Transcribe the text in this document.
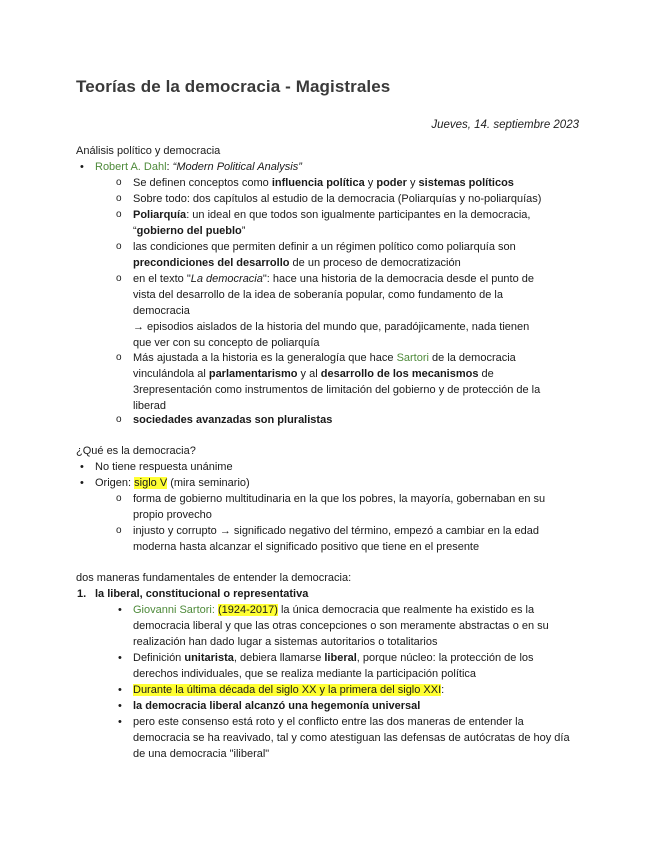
Teorías de la democracia - Magistrales
Jueves, 14. septiembre 2023
Análisis político y democracia
• Robert A. Dahl: “Modern Political Analysis”
o Se definen conceptos como influencia política y poder y sistemas políticos
o Sobre todo: dos capítulos al estudio de la democracia (Poliarquías y no-poliarquías)
o Poliarquía: un ideal en que todos son igualmente participantes en la democracia,
“gobierno del pueblo”
o las condiciones que permiten definir a un régimen político como poliarquía son
precondiciones del desarrollo de un proceso de democratización
o en el texto "La democracia": hace una historia de la democracia desde el punto de
vista del desarrollo de la idea de soberanía popular, como fundamento de la
democracia
→ episodios aislados de la historia del mundo que, paradójicamente, nada tienen
que ver con su concepto de poliarquía
o Más ajustada a la historia es la generalogía que hace Sartori de la democracia
vinculándola al parlamentarismo y al desarrollo de los mecanismos de
3representación como instrumentos de limitación del gobierno y de protección de la
liberad
o sociedades avanzadas son pluralistas
¿Qué es la democracia?
• No tiene respuesta unánime
• Origen: siglo V (mira seminario)
o forma de gobierno multitudinaria en la que los pobres, la mayoría, gobernaban en su
propio provecho
o injusto y corrupto → significado negativo del término, empezó a cambiar en la edad
moderna hasta alcanzar el significado positivo que tiene en el presente
dos maneras fundamentales de entender la democracia:
1. la liberal, constitucional o representativa
• Giovanni Sartori: (1924-2017) la única democracia que realmente ha existido es la
democracia liberal y que las otras concepciones o son meramente abstractas o en su
realización han dado lugar a sistemas autoritarios o totalitarios
• Definición unitarista, debiera llamarse liberal, porque núcleo: la protección de los
derechos individuales, que se realiza mediante la participación política
• Durante la última década del siglo XX y la primera del siglo XXI:
• la democracia liberal alcanzó una hegemonía universal
• pero este consenso está roto y el conflicto entre las dos maneras de entender la
democracia se ha reavivado, tal y como atestiguan las defensas de autócratas de hoy día
de una democracia "iliberal"
